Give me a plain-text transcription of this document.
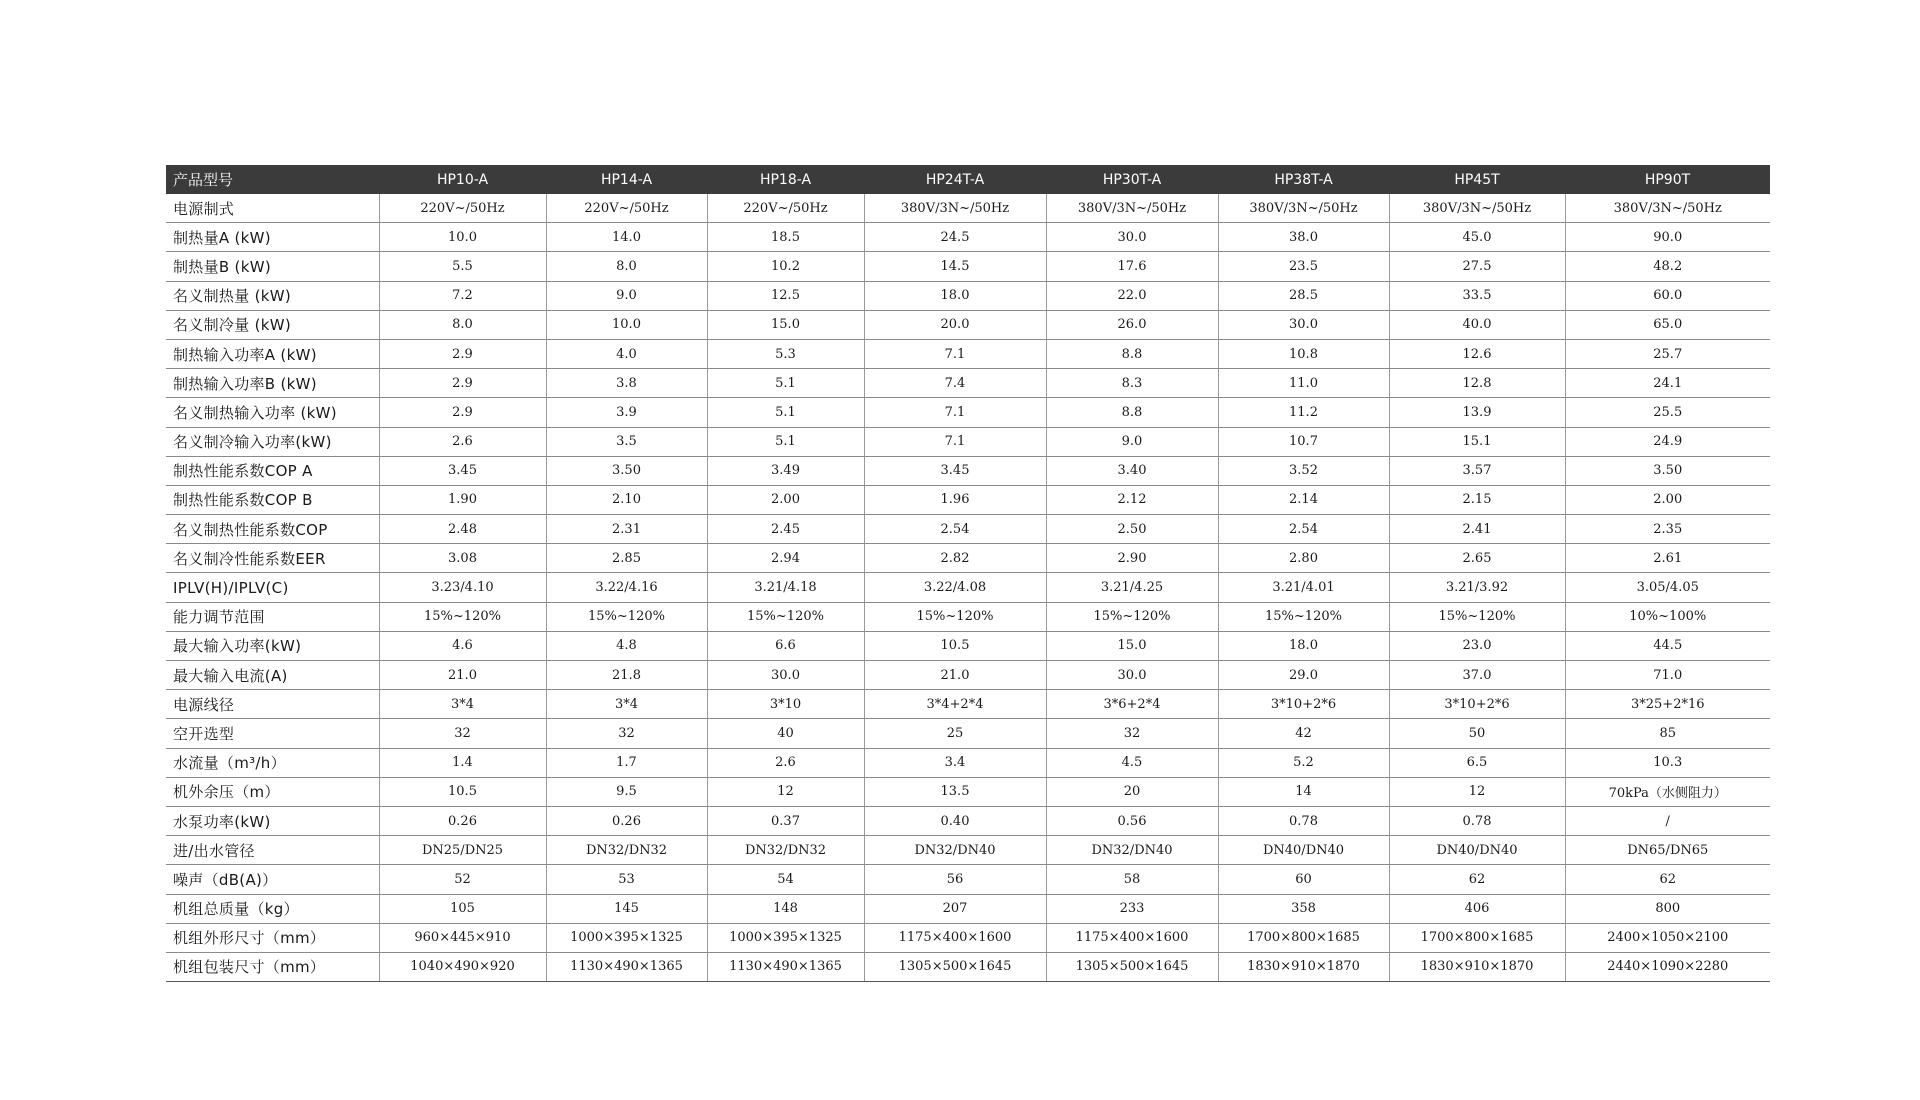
产品型号	HP10-A	HP14-A	HP18-A	HP24T-A	HP30T-A	HP38T-A	HP45T	HP90T
电源制式	220V~/50Hz	220V~/50Hz	220V~/50Hz	380V/3N~/50Hz	380V/3N~/50Hz	380V/3N~/50Hz	380V/3N~/50Hz	380V/3N~/50Hz
制热量A (kW)	10.0	14.0	18.5	24.5	30.0	38.0	45.0	90.0
制热量B (kW)	5.5	8.0	10.2	14.5	17.6	23.5	27.5	48.2
名义制热量 (kW)	7.2	9.0	12.5	18.0	22.0	28.5	33.5	60.0
名义制冷量 (kW)	8.0	10.0	15.0	20.0	26.0	30.0	40.0	65.0
制热输入功率A (kW)	2.9	4.0	5.3	7.1	8.8	10.8	12.6	25.7
制热输入功率B (kW)	2.9	3.8	5.1	7.4	8.3	11.0	12.8	24.1
名义制热输入功率 (kW)	2.9	3.9	5.1	7.1	8.8	11.2	13.9	25.5
名义制冷输入功率(kW)	2.6	3.5	5.1	7.1	9.0	10.7	15.1	24.9
制热性能系数COP A	3.45	3.50	3.49	3.45	3.40	3.52	3.57	3.50
制热性能系数COP B	1.90	2.10	2.00	1.96	2.12	2.14	2.15	2.00
名义制热性能系数COP	2.48	2.31	2.45	2.54	2.50	2.54	2.41	2.35
名义制冷性能系数EER	3.08	2.85	2.94	2.82	2.90	2.80	2.65	2.61
IPLV(H)/IPLV(C)	3.23/4.10	3.22/4.16	3.21/4.18	3.22/4.08	3.21/4.25	3.21/4.01	3.21/3.92	3.05/4.05
能力调节范围	15%~120%	15%~120%	15%~120%	15%~120%	15%~120%	15%~120%	15%~120%	10%~100%
最大输入功率(kW)	4.6	4.8	6.6	10.5	15.0	18.0	23.0	44.5
最大输入电流(A)	21.0	21.8	30.0	21.0	30.0	29.0	37.0	71.0
电源线径	3*4	3*4	3*10	3*4+2*4	3*6+2*4	3*10+2*6	3*10+2*6	3*25+2*16
空开选型	32	32	40	25	32	42	50	85
水流量（m³/h）	1.4	1.7	2.6	3.4	4.5	5.2	6.5	10.3
机外余压（m）	10.5	9.5	12	13.5	20	14	12	70kPa（水侧阻力）
水泵功率(kW)	0.26	0.26	0.37	0.40	0.56	0.78	0.78	/
进/出水管径	DN25/DN25	DN32/DN32	DN32/DN32	DN32/DN40	DN32/DN40	DN40/DN40	DN40/DN40	DN65/DN65
噪声（dB(A)）	52	53	54	56	58	60	62	62
机组总质量（kg）	105	145	148	207	233	358	406	800
机组外形尺寸（mm）	960×445×910	1000×395×1325	1000×395×1325	1175×400×1600	1175×400×1600	1700×800×1685	1700×800×1685	2400×1050×2100
机组包装尺寸（mm）	1040×490×920	1130×490×1365	1130×490×1365	1305×500×1645	1305×500×1645	1830×910×1870	1830×910×1870	2440×1090×2280
